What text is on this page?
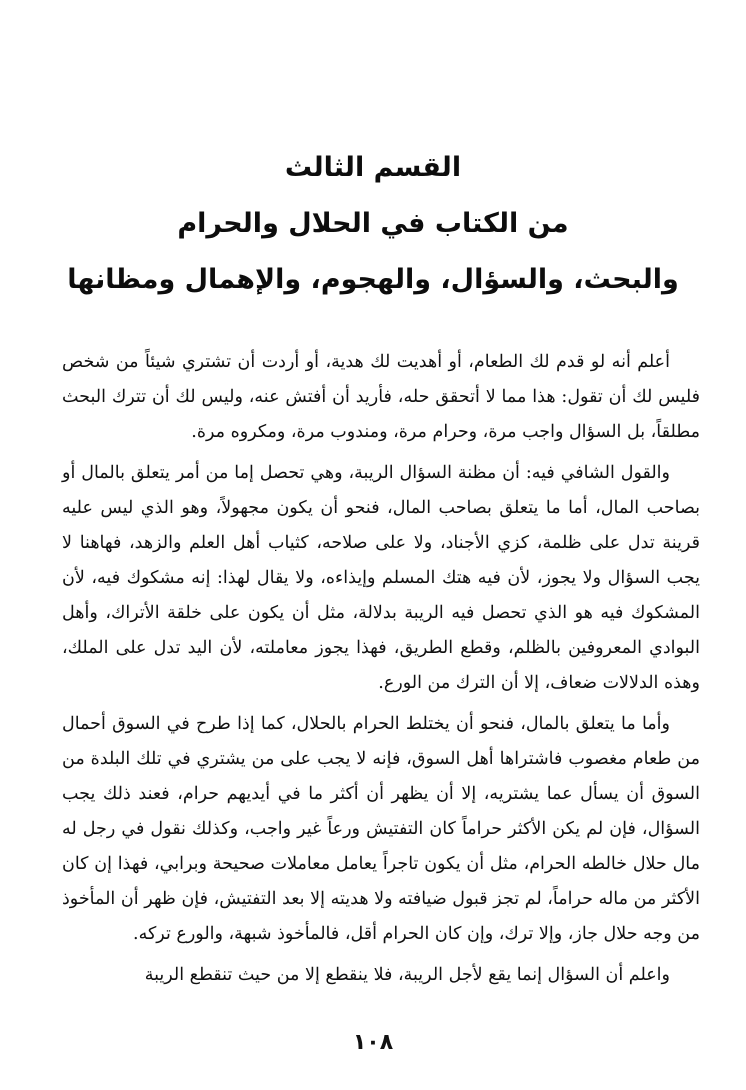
القسم الثالث
من الكتاب في الحلال والحرام
والبحث، والسؤال، والهجوم، والإهمال ومظانها

أعلم أنه لو قدم لك الطعام، أو أهديت لك هدية، أو أردت أن تشتري شيئاً من شخص فليس لك أن تقول: هذا مما لا أتحقق حله، فأريد أن أفتش عنه، وليس لك أن تترك البحث مطلقاً، بل السؤال واجب مرة، وحرام مرة، ومندوب مرة، ومكروه مرة.

والقول الشافي فيه: أن مظنة السؤال الريبة، وهي تحصل إما من أمر يتعلق بالمال أو بصاحب المال، أما ما يتعلق بصاحب المال، فنحو أن يكون مجهولاً، وهو الذي ليس عليه قرينة تدل على ظلمة، كزي الأجناد، ولا على صلاحه، كثياب أهل العلم والزهد، فهاهنا لا يجب السؤال ولا يجوز، لأن فيه هتك المسلم وإيذاءه، ولا يقال لهذا: إنه مشكوك فيه، لأن المشكوك فيه هو الذي تحصل فيه الريبة بدلالة، مثل أن يكون على خلقة الأتراك، وأهل البوادي المعروفين بالظلم، وقطع الطريق، فهذا يجوز معاملته، لأن اليد تدل على الملك، وهذه الدلالات ضعاف، إلا أن الترك من الورع.

وأما ما يتعلق بالمال، فنحو أن يختلط الحرام بالحلال، كما إذا طرح في السوق أحمال من طعام مغصوب فاشتراها أهل السوق، فإنه لا يجب على من يشتري في تلك البلدة من السوق أن يسأل عما يشتريه، إلا أن يظهر أن أكثر ما في أيديهم حرام، فعند ذلك يجب السؤال، فإن لم يكن الأكثر حراماً كان التفتيش ورعاً غير واجب، وكذلك نقول في رجل له مال حلال خالطه الحرام، مثل أن يكون تاجراً يعامل معاملات صحيحة وبرابي، فهذا إن كان الأكثر من ماله حراماً، لم تجز قبول ضيافته ولا هديته إلا بعد التفتيش، فإن ظهر أن المأخوذ من وجه حلال جاز، وإلا ترك، وإن كان الحرام أقل، فالمأخوذ شبهة، والورع تركه.

واعلم أن السؤال إنما يقع لأجل الريبة، فلا ينقطع إلا من حيث تنقطع الريبة

١٠٨
